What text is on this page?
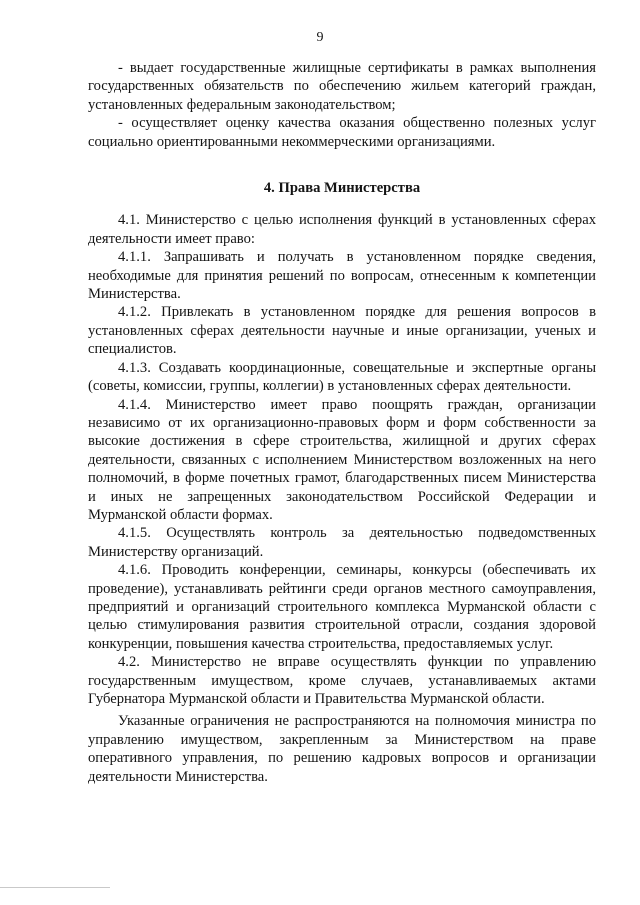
9

- выдает государственные жилищные сертификаты в рамках выполнения государственных обязательств по обеспечению жильем категорий граждан, установленных федеральным законодательством;

- осуществляет оценку качества оказания общественно полезных услуг социально ориентированными некоммерческими организациями.

4. Права Министерства

4.1. Министерство с целью исполнения функций в установленных сферах деятельности имеет право:

4.1.1. Запрашивать и получать в установленном порядке сведения, необходимые для принятия решений по вопросам, отнесенным к компетенции Министерства.

4.1.2. Привлекать в установленном порядке для решения вопросов в установленных сферах деятельности научные и иные организации, ученых и специалистов.

4.1.3. Создавать координационные, совещательные и экспертные органы (советы, комиссии, группы, коллегии) в установленных сферах деятельности.

4.1.4. Министерство имеет право поощрять граждан, организации независимо от их организационно-правовых форм и форм собственности за высокие достижения в сфере строительства, жилищной и других сферах деятельности, связанных с исполнением Министерством возложенных на него полномочий, в форме почетных грамот, благодарственных писем Министерства и иных не запрещенных законодательством Российской Федерации и Мурманской области формах.

4.1.5. Осуществлять контроль за деятельностью подведомственных Министерству организаций.

4.1.6. Проводить конференции, семинары, конкурсы (обеспечивать их проведение), устанавливать рейтинги среди органов местного самоуправления, предприятий и организаций строительного комплекса Мурманской области с целью стимулирования развития строительной отрасли, создания здоровой конкуренции, повышения качества строительства, предоставляемых услуг.

4.2. Министерство не вправе осуществлять функции по управлению государственным имуществом, кроме случаев, устанавливаемых актами Губернатора Мурманской области и Правительства Мурманской области.

Указанные ограничения не распространяются на полномочия министра по управлению имуществом, закрепленным за Министерством на праве оперативного управления, по решению кадровых вопросов и организации деятельности Министерства.
